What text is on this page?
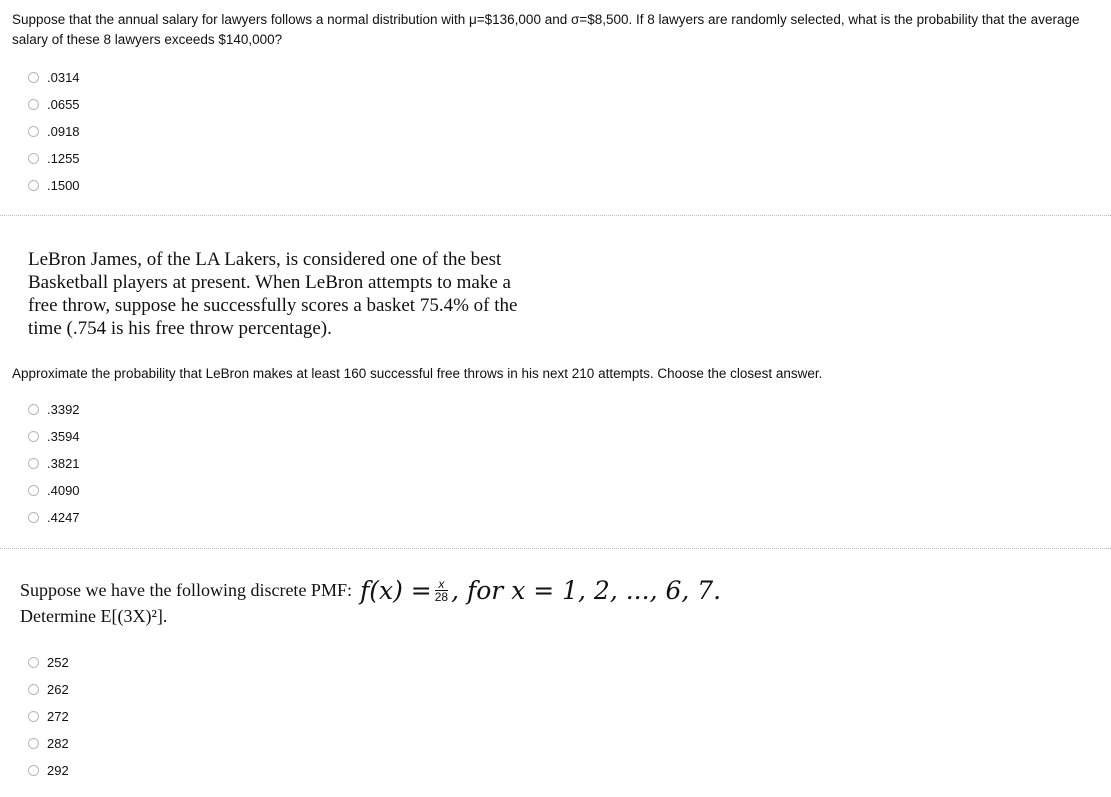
Suppose that the annual salary for lawyers follows a normal distribution with μ=$136,000 and σ=$8,500. If 8 lawyers are randomly selected, what is the probability that the average salary of these 8 lawyers exceeds $140,000?

.0314
.0655
.0918
.1255
.1500

LeBron James, of the LA Lakers, is considered one of the best

Basketball players at present. When LeBron attempts to make a

free throw, suppose he successfully scores a basket 75.4% of the

time (.754 is his free throw percentage).

Approximate the probability that LeBron makes at least 160 successful free throws in his next 210 attempts. Choose the closest answer.

.3392
.3594
.3821
.4090
.4247
Suppose we have the following discrete PMF: $f(x) = \frac{x}{28}$ , for x = 1, 2, ..., 6, 7.

Determine E[(3X)²].

252
262
272
282
292
